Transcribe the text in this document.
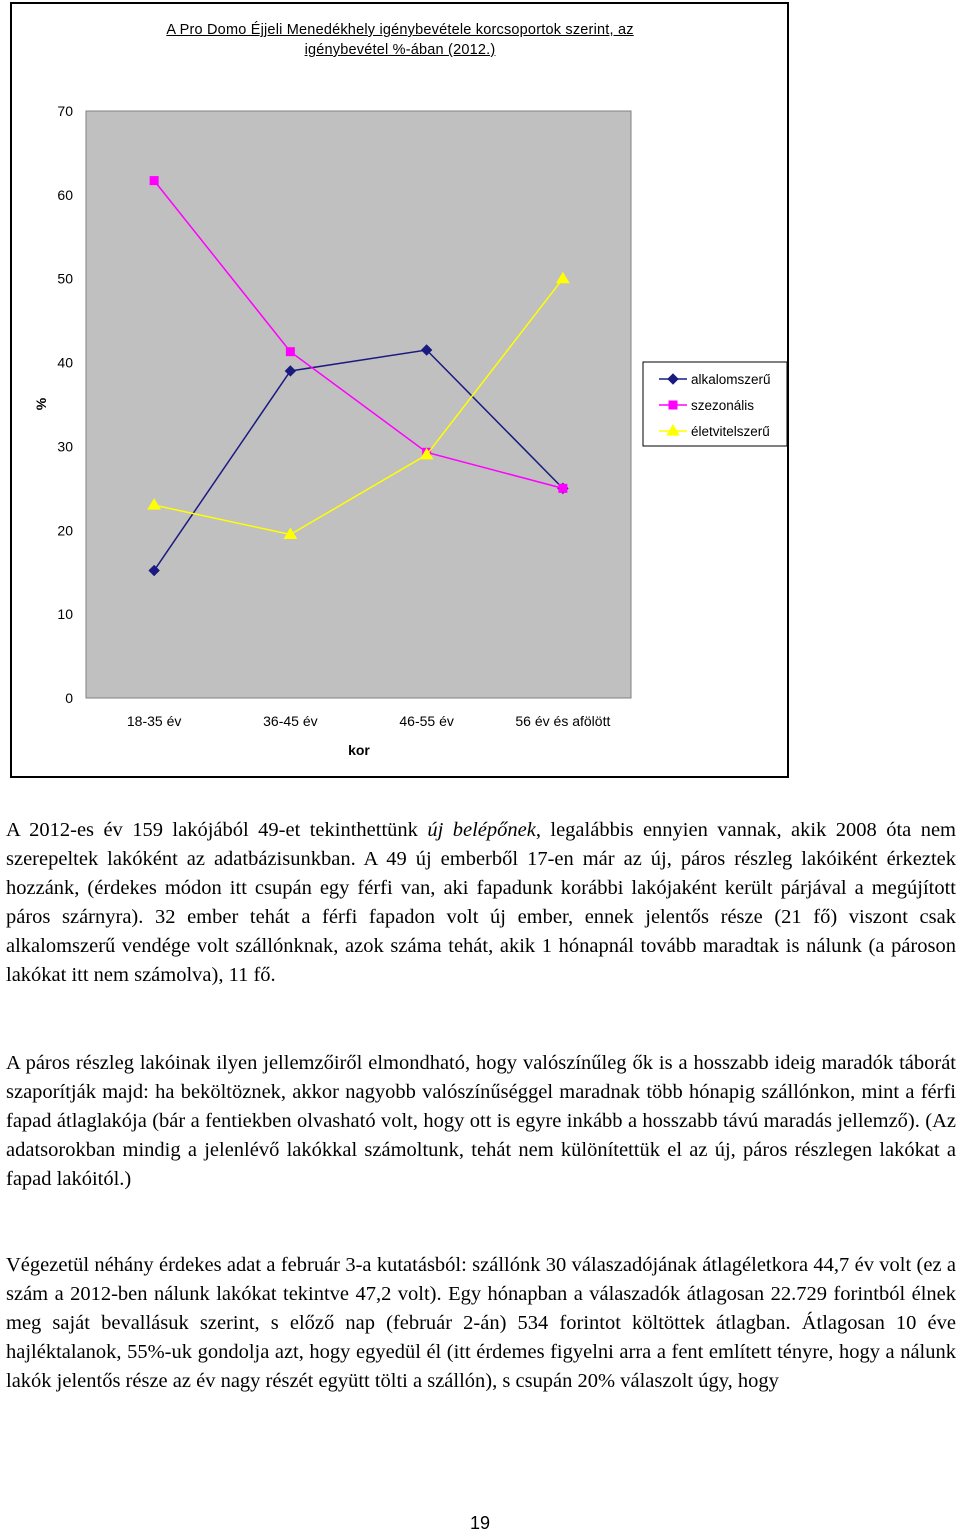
A Pro Domo Éjjeli Menedékhely igénybevétele korcsoportok szerint, az
igénybevétel %-ában (2012.)
0
10
20
30
40
50
60
70
18-35 év	36-45 év	46-55 év	56 év és afölött
kor
%
alkalomszerű
szezonális
életvitelszerű

A 2012-es év 159 lakójából 49-et tekinthettünk új belépőnek, legalábbis ennyien vannak, akik 2008 óta nem szerepeltek lakóként az adatbázisunkban. A 49 új emberből 17-en már az új, páros részleg lakóiként érkeztek hozzánk, (érdekes módon itt csupán egy férfi van, aki fapadunk korábbi lakójaként került párjával a megújított páros szárnyra). 32 ember tehát a férfi fapadon volt új ember, ennek jelentős része (21 fő) viszont csak alkalomszerű vendége volt szállónknak, azok száma tehát, akik 1 hónapnál tovább maradtak is nálunk (a pároson lakókat itt nem számolva), 11 fő.

A páros részleg lakóinak ilyen jellemzőiről elmondható, hogy valószínűleg ők is a hosszabb ideig maradók táborát szaporítják majd: ha beköltöznek, akkor nagyobb valószínűséggel maradnak több hónapig szállónkon, mint a férfi fapad átlaglakója (bár a fentiekben olvasható volt, hogy ott is egyre inkább a hosszabb távú maradás jellemző). (Az adatsorokban mindig a jelenlévő lakókkal számoltunk, tehát nem különítettük el az új, páros részlegen lakókat a fapad lakóitól.)

Végezetül néhány érdekes adat a február 3-a kutatásból: szállónk 30 válaszadójának átlagéletkora 44,7 év volt (ez a szám a 2012-ben nálunk lakókat tekintve 47,2 volt). Egy hónapban a válaszadók átlagosan 22.729 forintból élnek meg saját bevallásuk szerint, s előző nap (február 2-án) 534 forintot költöttek átlagban. Átlagosan 10 éve hajléktalanok, 55%-uk gondolja azt, hogy egyedül él (itt érdemes figyelni arra a fent említett tényre, hogy a nálunk lakók jelentős része az év nagy részét együtt tölti a szállón), s csupán 20% válaszolt úgy, hogy

19
